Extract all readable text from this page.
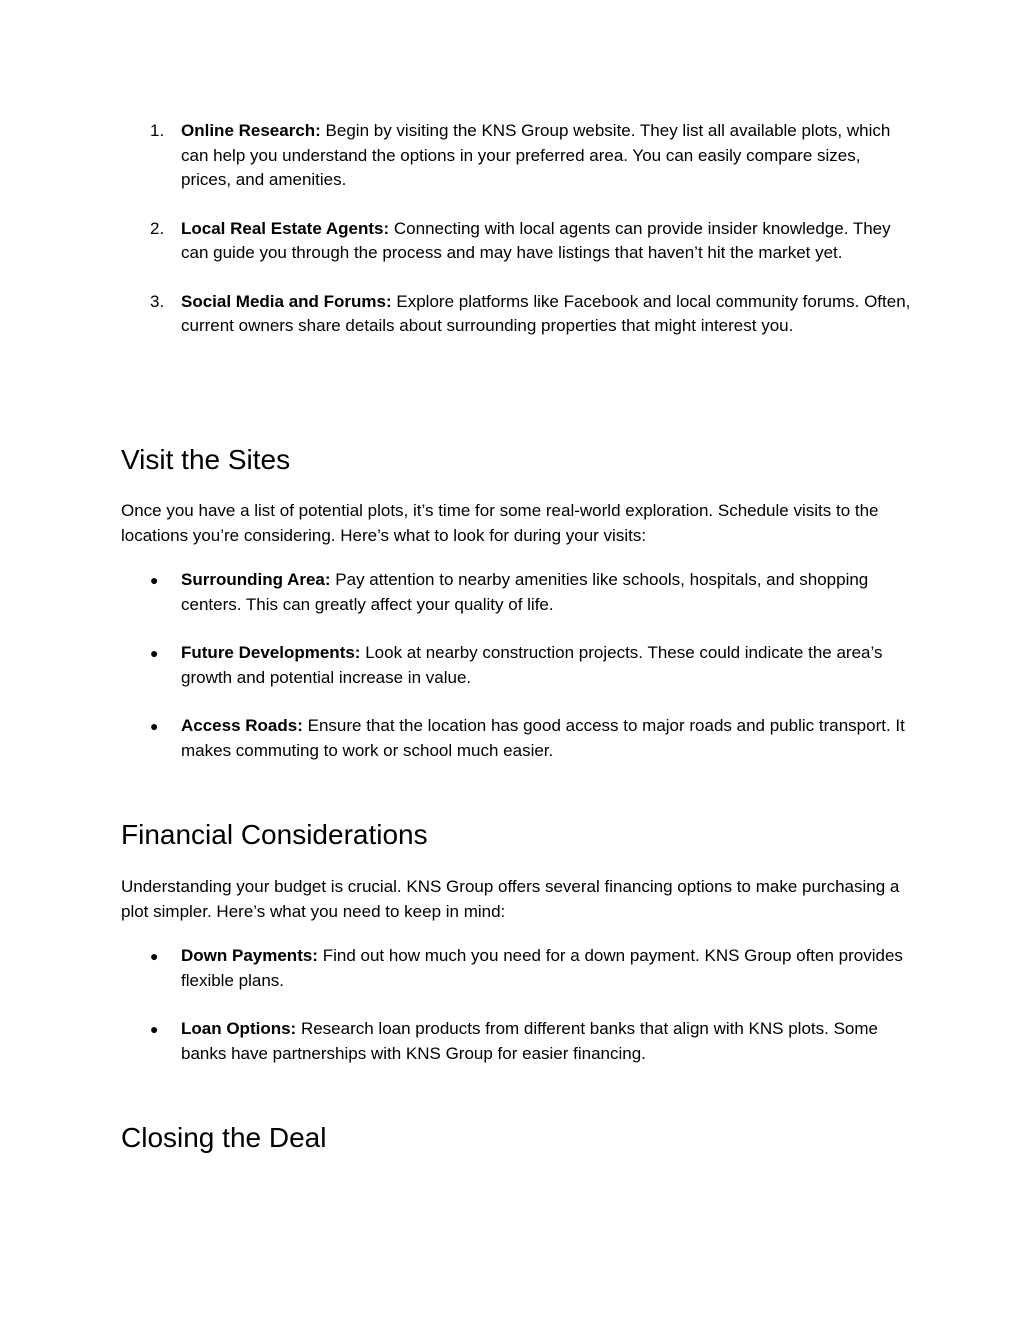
1. Online Research: Begin by visiting the KNS Group website. They list all available plots, which can help you understand the options in your preferred area. You can easily compare sizes, prices, and amenities.
2. Local Real Estate Agents: Connecting with local agents can provide insider knowledge. They can guide you through the process and may have listings that haven’t hit the market yet.
3. Social Media and Forums: Explore platforms like Facebook and local community forums. Often, current owners share details about surrounding properties that might interest you.
Visit the Sites

Once you have a list of potential plots, it’s time for some real-world exploration. Schedule visits to the locations you’re considering. Here’s what to look for during your visits:

● Surrounding Area: Pay attention to nearby amenities like schools, hospitals, and shopping centers. This can greatly affect your quality of life.
● Future Developments: Look at nearby construction projects. These could indicate the area’s growth and potential increase in value.
● Access Roads: Ensure that the location has good access to major roads and public transport. It makes commuting to work or school much easier.
Financial Considerations

Understanding your budget is crucial. KNS Group offers several financing options to make purchasing a plot simpler. Here’s what you need to keep in mind:

● Down Payments: Find out how much you need for a down payment. KNS Group often provides flexible plans.
● Loan Options: Research loan products from different banks that align with KNS plots. Some banks have partnerships with KNS Group for easier financing.
Closing the Deal
